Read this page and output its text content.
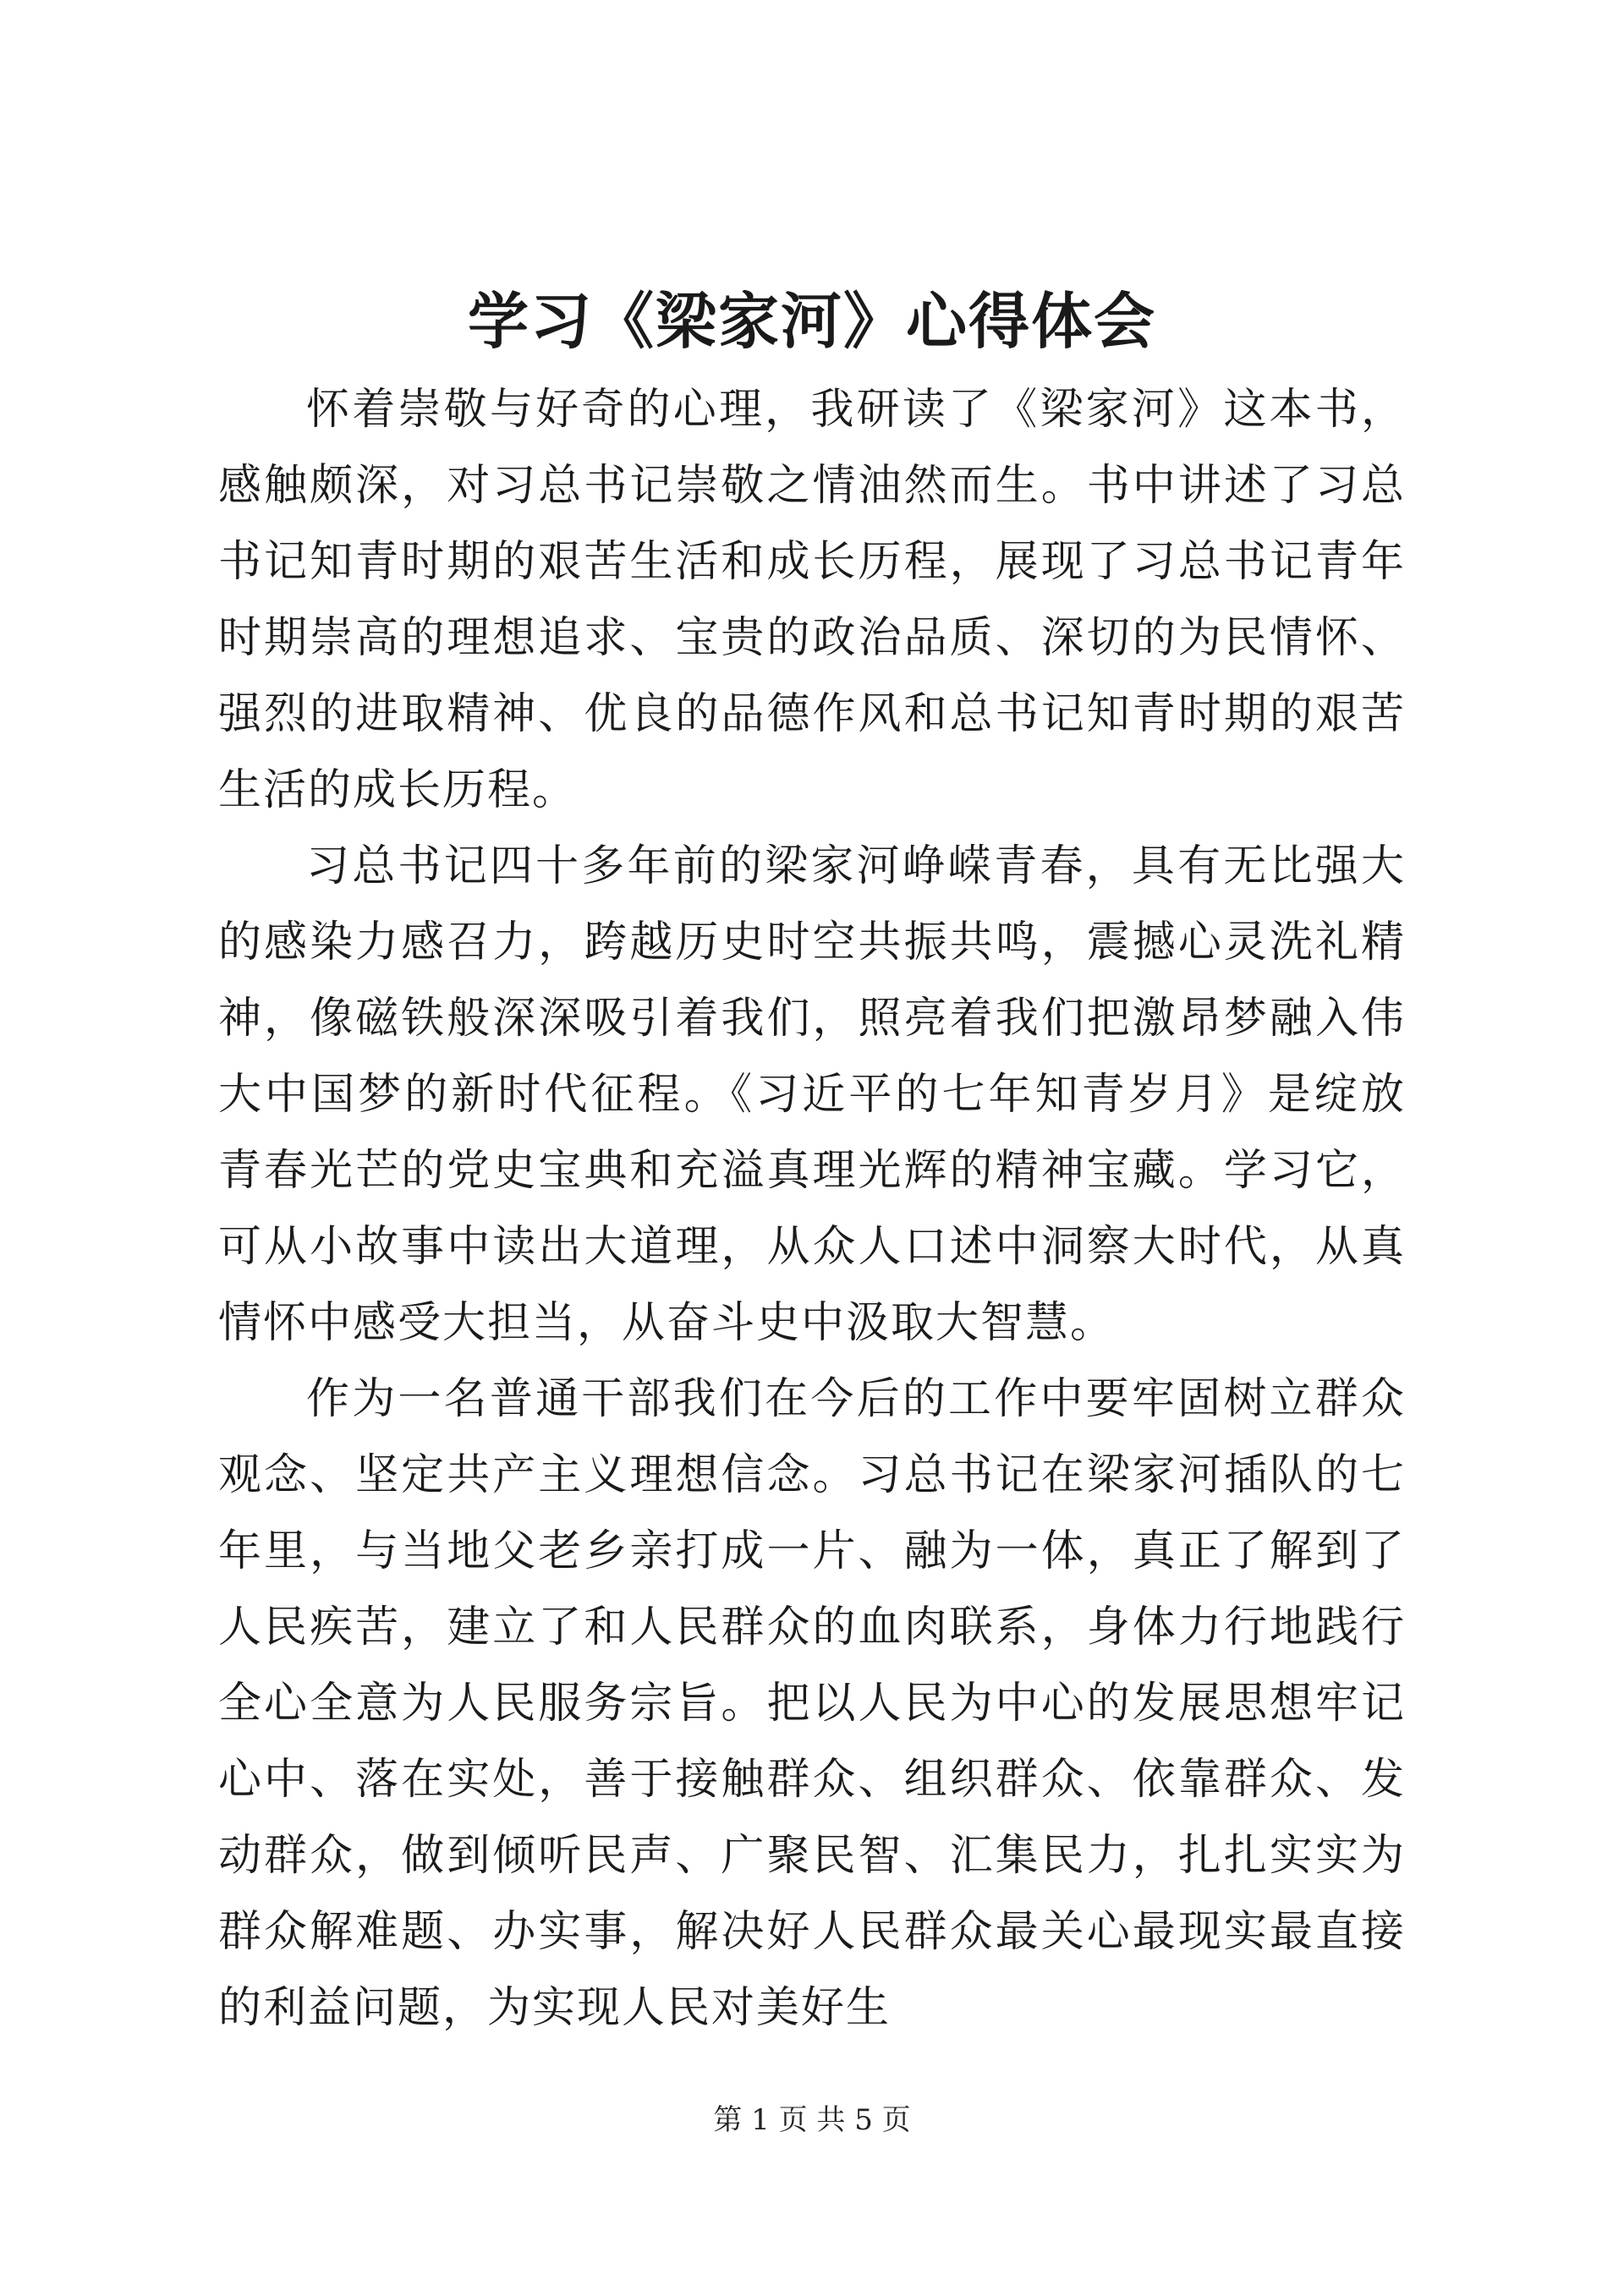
学习《梁家河》心得体会

怀着崇敬与好奇的心理，我研读了《梁家河》这本书，感触颇深，对习总书记崇敬之情油然而生。书中讲述了习总书记知青时期的艰苦生活和成长历程，展现了习总书记青年时期崇高的理想追求、宝贵的政治品质、深切的为民情怀、强烈的进取精神、优良的品德作风和总书记知青时期的艰苦生活的成长历程。

习总书记四十多年前的梁家河峥嵘青春，具有无比强大的感染力感召力，跨越历史时空共振共鸣，震撼心灵洗礼精神，像磁铁般深深吸引着我们，照亮着我们把激昂梦融入伟大中国梦的新时代征程。《习近平的七年知青岁月》是绽放青春光芒的党史宝典和充溢真理光辉的精神宝藏。学习它，可从小故事中读出大道理，从众人口述中洞察大时代，从真情怀中感受大担当，从奋斗史中汲取大智慧。

作为一名普通干部我们在今后的工作中要牢固树立群众观念、坚定共产主义理想信念。习总书记在梁家河插队的七年里，与当地父老乡亲打成一片、融为一体，真正了解到了人民疾苦，建立了和人民群众的血肉联系，身体力行地践行全心全意为人民服务宗旨。把以人民为中心的发展思想牢记心中、落在实处，善于接触群众、组织群众、依靠群众、发动群众，做到倾听民声、广聚民智、汇集民力，扎扎实实为群众解难题、办实事，解决好人民群众最关心最现实最直接的利益问题，为实现人民对美好生

第 1 页 共 5 页
